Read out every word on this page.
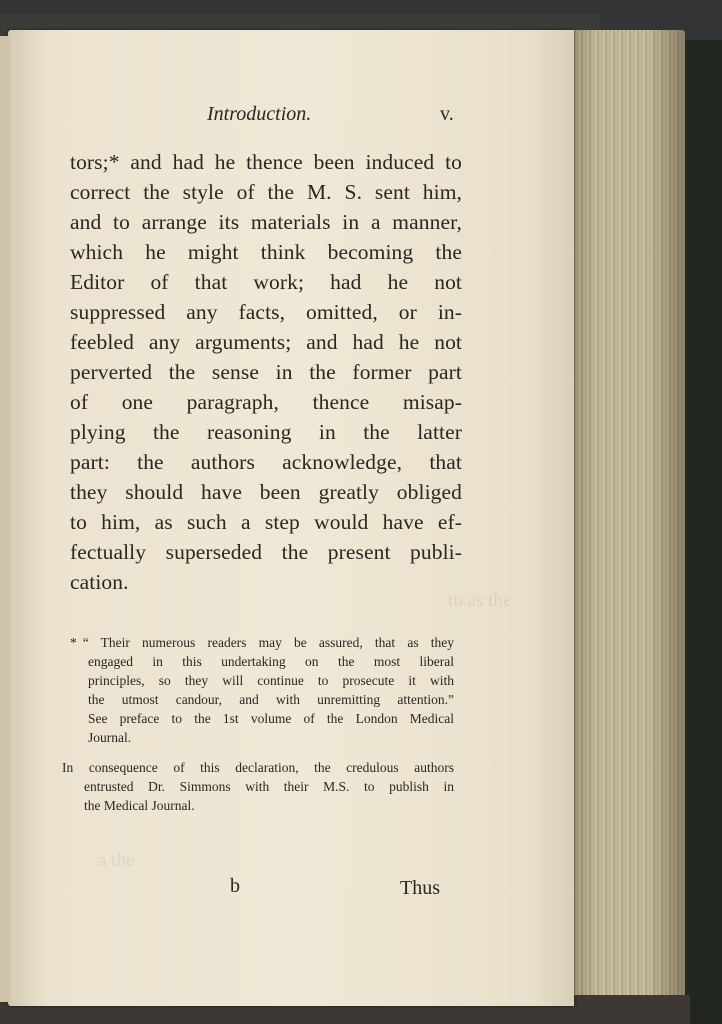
to as the
a the
Introduction.	v.
tors;* and had he thence been induced to
correct the style of the M. S. sent him,
and to arrange its materials in a manner,
which he might think becoming the
Editor of that work; had he not
suppressed any facts, omitted, or in-
feebled any arguments; and had he not
perverted the sense in the former part
of one paragraph, thence misap-
plying the reasoning in the latter
part: the authors acknowledge, that
they should have been greatly obliged
to him, as such a step would have ef-
fectually superseded the present publi-
cation.
* “ Their numerous readers may be assured, that as they
engaged in this undertaking on the most liberal
principles, so they will continue to prosecute it with
the utmost candour, and with unremitting attention.”
See preface to the 1st volume of the London Medical
Journal.
In consequence of this declaration, the credulous authors
entrusted Dr. Simmons with their M.S. to publish in
the Medical Journal.
b	Thus
